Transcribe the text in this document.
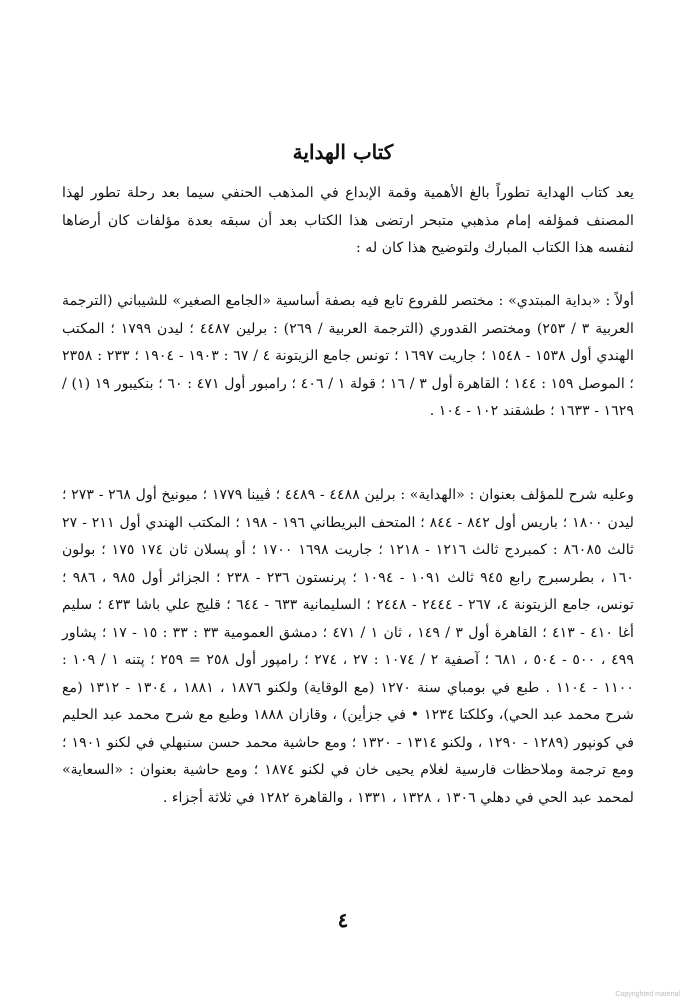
كتاب الهداية

يعد كتاب الهداية تطوراً بالغ الأهمية وقمة الإبداع في المذهب الحنفي سيما بعد رحلة تطور لهذا المصنف فمؤلفه إمام مذهبي متبحر ارتضى هذا الكتاب بعد أن سبقه بعدة مؤلفات كان أرضاها لنفسه هذا الكتاب المبارك ولتوضيح هذا كان له :

أولاً : «بداية المبتدي» : مختصر للفروع تابع فيه بصفة أساسية «الجامع الصغير» للشيباني (الترجمة العربية ٣ / ٢٥٣) ومختصر القدوري (الترجمة العربية / ٢٦٩) : برلين ٤٤٨٧ ؛ ليدن ١٧٩٩ ؛ المكتب الهندي أول ١٥٣٨ - ١٥٤٨ ؛ جاريت ١٦٩٧ ؛ تونس جامع الزيتونة ٤ / ٦٧ : ١٩٠٣ - ١٩٠٤ ؛ ٢٣٣ : ٢٣٥٨ ؛ الموصل ١٥٩ : ١٤٤ ؛ القاهرة أول ٣ / ١٦ ؛ قولة ١ / ٤٠٦ ؛ رامبور أول ٤٧١ : ٦٠ ؛ بنكيبور ١٩ (١) / ١٦٢٩ - ١٦٣٣ ؛ طشقند ١٠٢ - ١٠٤ .

وعليه شرح للمؤلف بعنوان : «الهداية» : برلين ٤٤٨٨ - ٤٤٨٩ ؛ ڤيينا ١٧٧٩ ؛ ميونيخ أول ٢٦٨ - ٢٧٣ ؛ ليدن ١٨٠٠ ؛ باريس أول ٨٤٢ - ٨٤٤ ؛ المتحف البريطاني ١٩٦ - ١٩٨ ؛ المكتب الهندي أول ٢١١ - ٢٧ ثالث ٨٦٠٨٥ : كمبردج ثالث ١٢١٦ - ١٢١٨ ؛ جاريت ١٦٩٨ ١٧٠٠ ؛ أو پسلان ثان ١٧٤ ١٧٥ ؛ بولون ١٦٠ ، بطرسبرج رابع ٩٤٥ ثالث ١٠٩١ - ١٠٩٤ ؛ پرنستون ٢٣٦ - ٢٣٨ ؛ الجزائر أول ٩٨٥ ، ٩٨٦ ؛ تونس، جامع الزيتونة ٤، ٢٦٧ - ٢٤٤٤ - ٢٤٤٨ ؛ السليمانية ٦٣٣ - ٦٤٤ ؛ قليج علي باشا ٤٣٣ ؛ سليم أغا ٤١٠ - ٤١٣ ؛ القاهرة أول ٣ / ١٤٩ ، ثان ١ / ٤٧١ ؛ دمشق العمومية ٣٣ : ٣٣ : ١٥ - ١٧ ؛ پشاور ٤٩٩ ، ٥٠٠ - ٥٠٤ ، ٦٨١ ؛ آصفية ٢ / ١٠٧٤ : ٢٧ ، ٢٧٤ ؛ رامپور أول ٢٥٨ = ٢٥٩ ؛ پتنه ١ / ١٠٩ : ١١٠٠ - ١١٠٤ . طبع في بومباي سنة ١٢٧٠ (مع الوقاية) ولكنو ١٨٧٦ ، ١٨٨١ ، ١٣٠٤ - ١٣١٢ (مع شرح محمد عبد الحي)، وكلكتا ١٢٣٤ • في جزأين) ، وقازان ١٨٨٨ وطبع مع شرح محمد عبد الحليم في كونپور (١٢٨٩ - ١٢٩٠ ، ولكنو ١٣١٤ - ١٣٢٠ ؛ ومع حاشية محمد حسن سنبهلي في لكنو ١٩٠١ ؛ ومع ترجمة وملاحظات فارسية لغلام يحيى خان في لكنو ١٨٧٤ ؛ ومع حاشية بعنوان : «السعاية» لمحمد عبد الحي في دهلي ١٣٠٦ ، ١٣٢٨ ، ١٣٣١ ، والقاهرة ١٢٨٢ في ثلاثة أجزاء .

٤
Copyrighted material
